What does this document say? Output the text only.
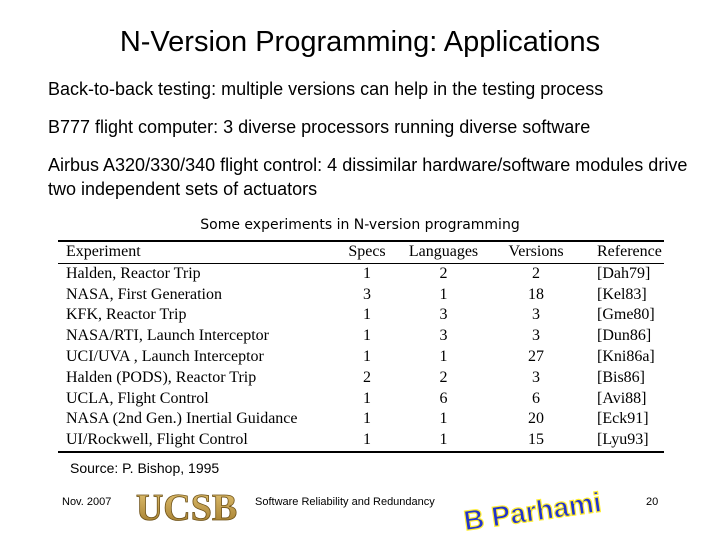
N-Version Programming: Applications
Back-to-back testing: multiple versions can help in the testing process
B777 flight computer: 3 diverse processors running diverse software
Airbus A320/330/340 flight control: 4 dissimilar hardware/software modules drive two independent sets of actuators
Some experiments in N-version programming
Experiment	Specs	Languages	Versions	Reference
Halden, Reactor Trip	1	2	2	[Dah79]
NASA, First Generation	3	1	18	[Kel83]
KFK, Reactor Trip	1	3	3	[Gme80]
NASA/RTI, Launch Interceptor	1	3	3	[Dun86]
UCI/UVA , Launch Interceptor	1	1	27	[Kni86a]
Halden (PODS), Reactor Trip	2	2	3	[Bis86]
UCLA, Flight Control	1	6	6	[Avi88]
NASA (2nd Gen.) Inertial Guidance	1	1	20	[Eck91]
UI/Rockwell, Flight Control	1	1	15	[Lyu93]
Source: P. Bishop, 1995
Nov. 2007 UCSB Software Reliability and Redundancy B Parhami	20
